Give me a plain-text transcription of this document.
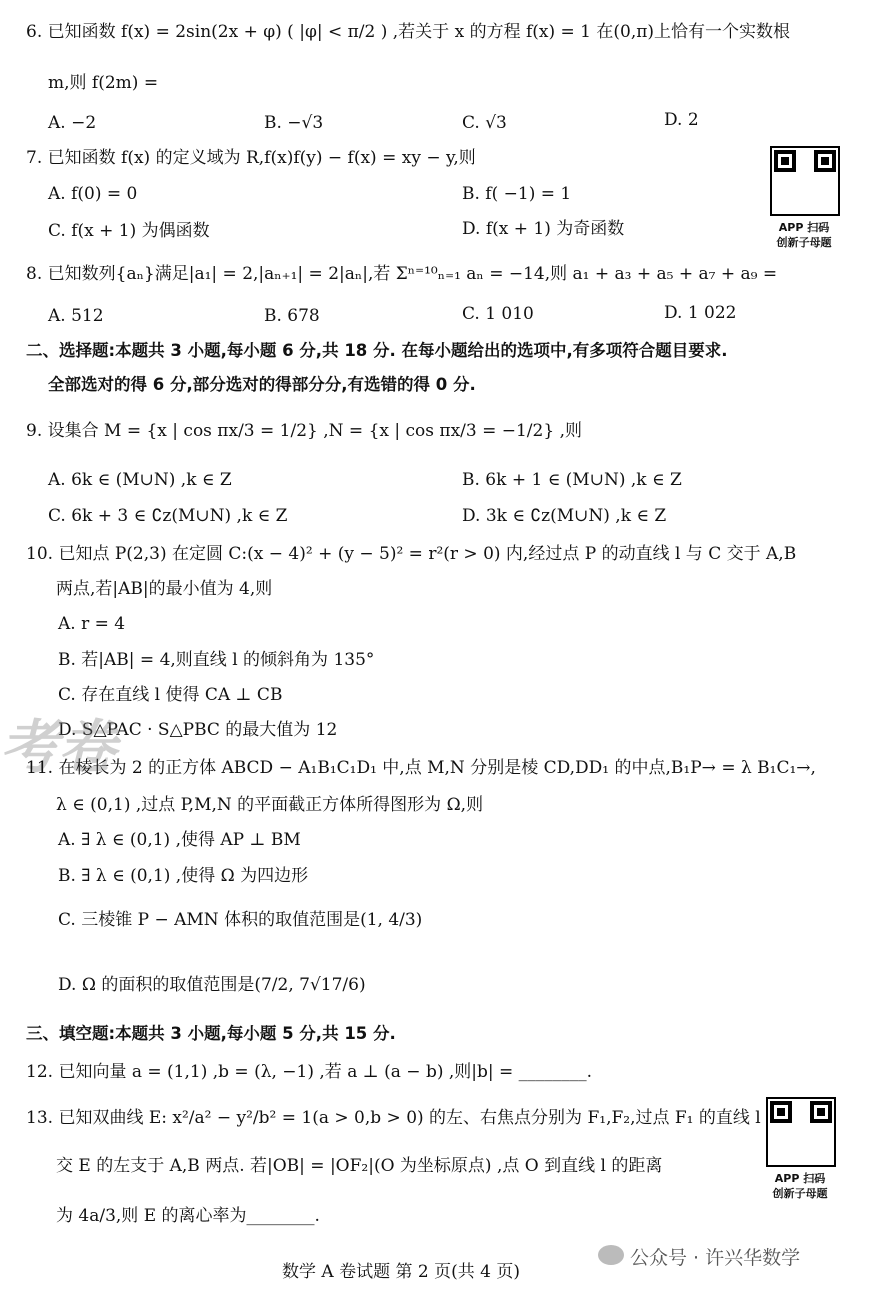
6. 已知函数 f(x) = 2sin(2x + φ) ( |φ| < π/2 ) ,若关于 x 的方程 f(x) = 1 在(0,π)上恰有一个实数根
m,则 f(2m) =
A. −2	B. −√3	C. √3	D. 2
7. 已知函数 f(x) 的定义域为 R,f(x)f(y) − f(x) = xy − y,则
A. f(0) = 0	B. f( −1) = 1
C. f(x + 1) 为偶函数	D. f(x + 1) 为奇函数	APP 扫码
创新子母题
8. 已知数列{aₙ}满足|a₁| = 2,|aₙ₊₁| = 2|aₙ|,若 Σⁿ⁼¹⁰ₙ₌₁ aₙ = −14,则 a₁ + a₃ + a₅ + a₇ + a₉ =
A. 512	B. 678	C. 1 010	D. 1 022
二、选择题:本题共 3 小题,每小题 6 分,共 18 分. 在每小题给出的选项中,有多项符合题目要求.
全部选对的得 6 分,部分选对的得部分分,有选错的得 0 分.
9. 设集合 M = {x | cos πx/3 = 1/2} ,N = {x | cos πx/3 = −1/2} ,则
A. 6k ∈ (M∪N) ,k ∈ Z	B. 6k + 1 ∈ (M∪N) ,k ∈ Z
C. 6k + 3 ∈ ∁z(M∪N) ,k ∈ Z	D. 3k ∈ ∁z(M∪N) ,k ∈ Z
10. 已知点 P(2,3) 在定圆 C:(x − 4)² + (y − 5)² = r²(r > 0) 内,经过点 P 的动直线 l 与 C 交于 A,B
两点,若|AB|的最小值为 4,则
A. r = 4
B. 若|AB| = 4,则直线 l 的倾斜角为 135°
C. 存在直线 l 使得 CA ⊥ CB
D. S△PAC · S△PBC 的最大值为 12
考卷
11. 在棱长为 2 的正方体 ABCD − A₁B₁C₁D₁ 中,点 M,N 分别是棱 CD,DD₁ 的中点,B₁P→ = λ B₁C₁→,
λ ∈ (0,1) ,过点 P,M,N 的平面截正方体所得图形为 Ω,则
A. ∃ λ ∈ (0,1) ,使得 AP ⊥ BM
B. ∃ λ ∈ (0,1) ,使得 Ω 为四边形
C. 三棱锥 P − AMN 体积的取值范围是(1, 4/3)
D. Ω 的面积的取值范围是(7/2, 7√17/6)
三、填空题:本题共 3 小题,每小题 5 分,共 15 分.
12. 已知向量 a = (1,1) ,b = (λ, −1) ,若 a ⊥ (a − b) ,则|b| = ________.
13. 已知双曲线 E: x²/a² − y²/b² = 1(a > 0,b > 0) 的左、右焦点分别为 F₁,F₂,过点 F₁ 的直线 l
交 E 的左支于 A,B 两点. 若|OB| = |OF₂|(O 为坐标原点) ,点 O 到直线 l 的距离
为 4a/3,则 E 的离心率为________.
APP 扫码
创新子母题
数学 A 卷试题 第 2 页(共 4 页)
公众号 · 许兴华数学
